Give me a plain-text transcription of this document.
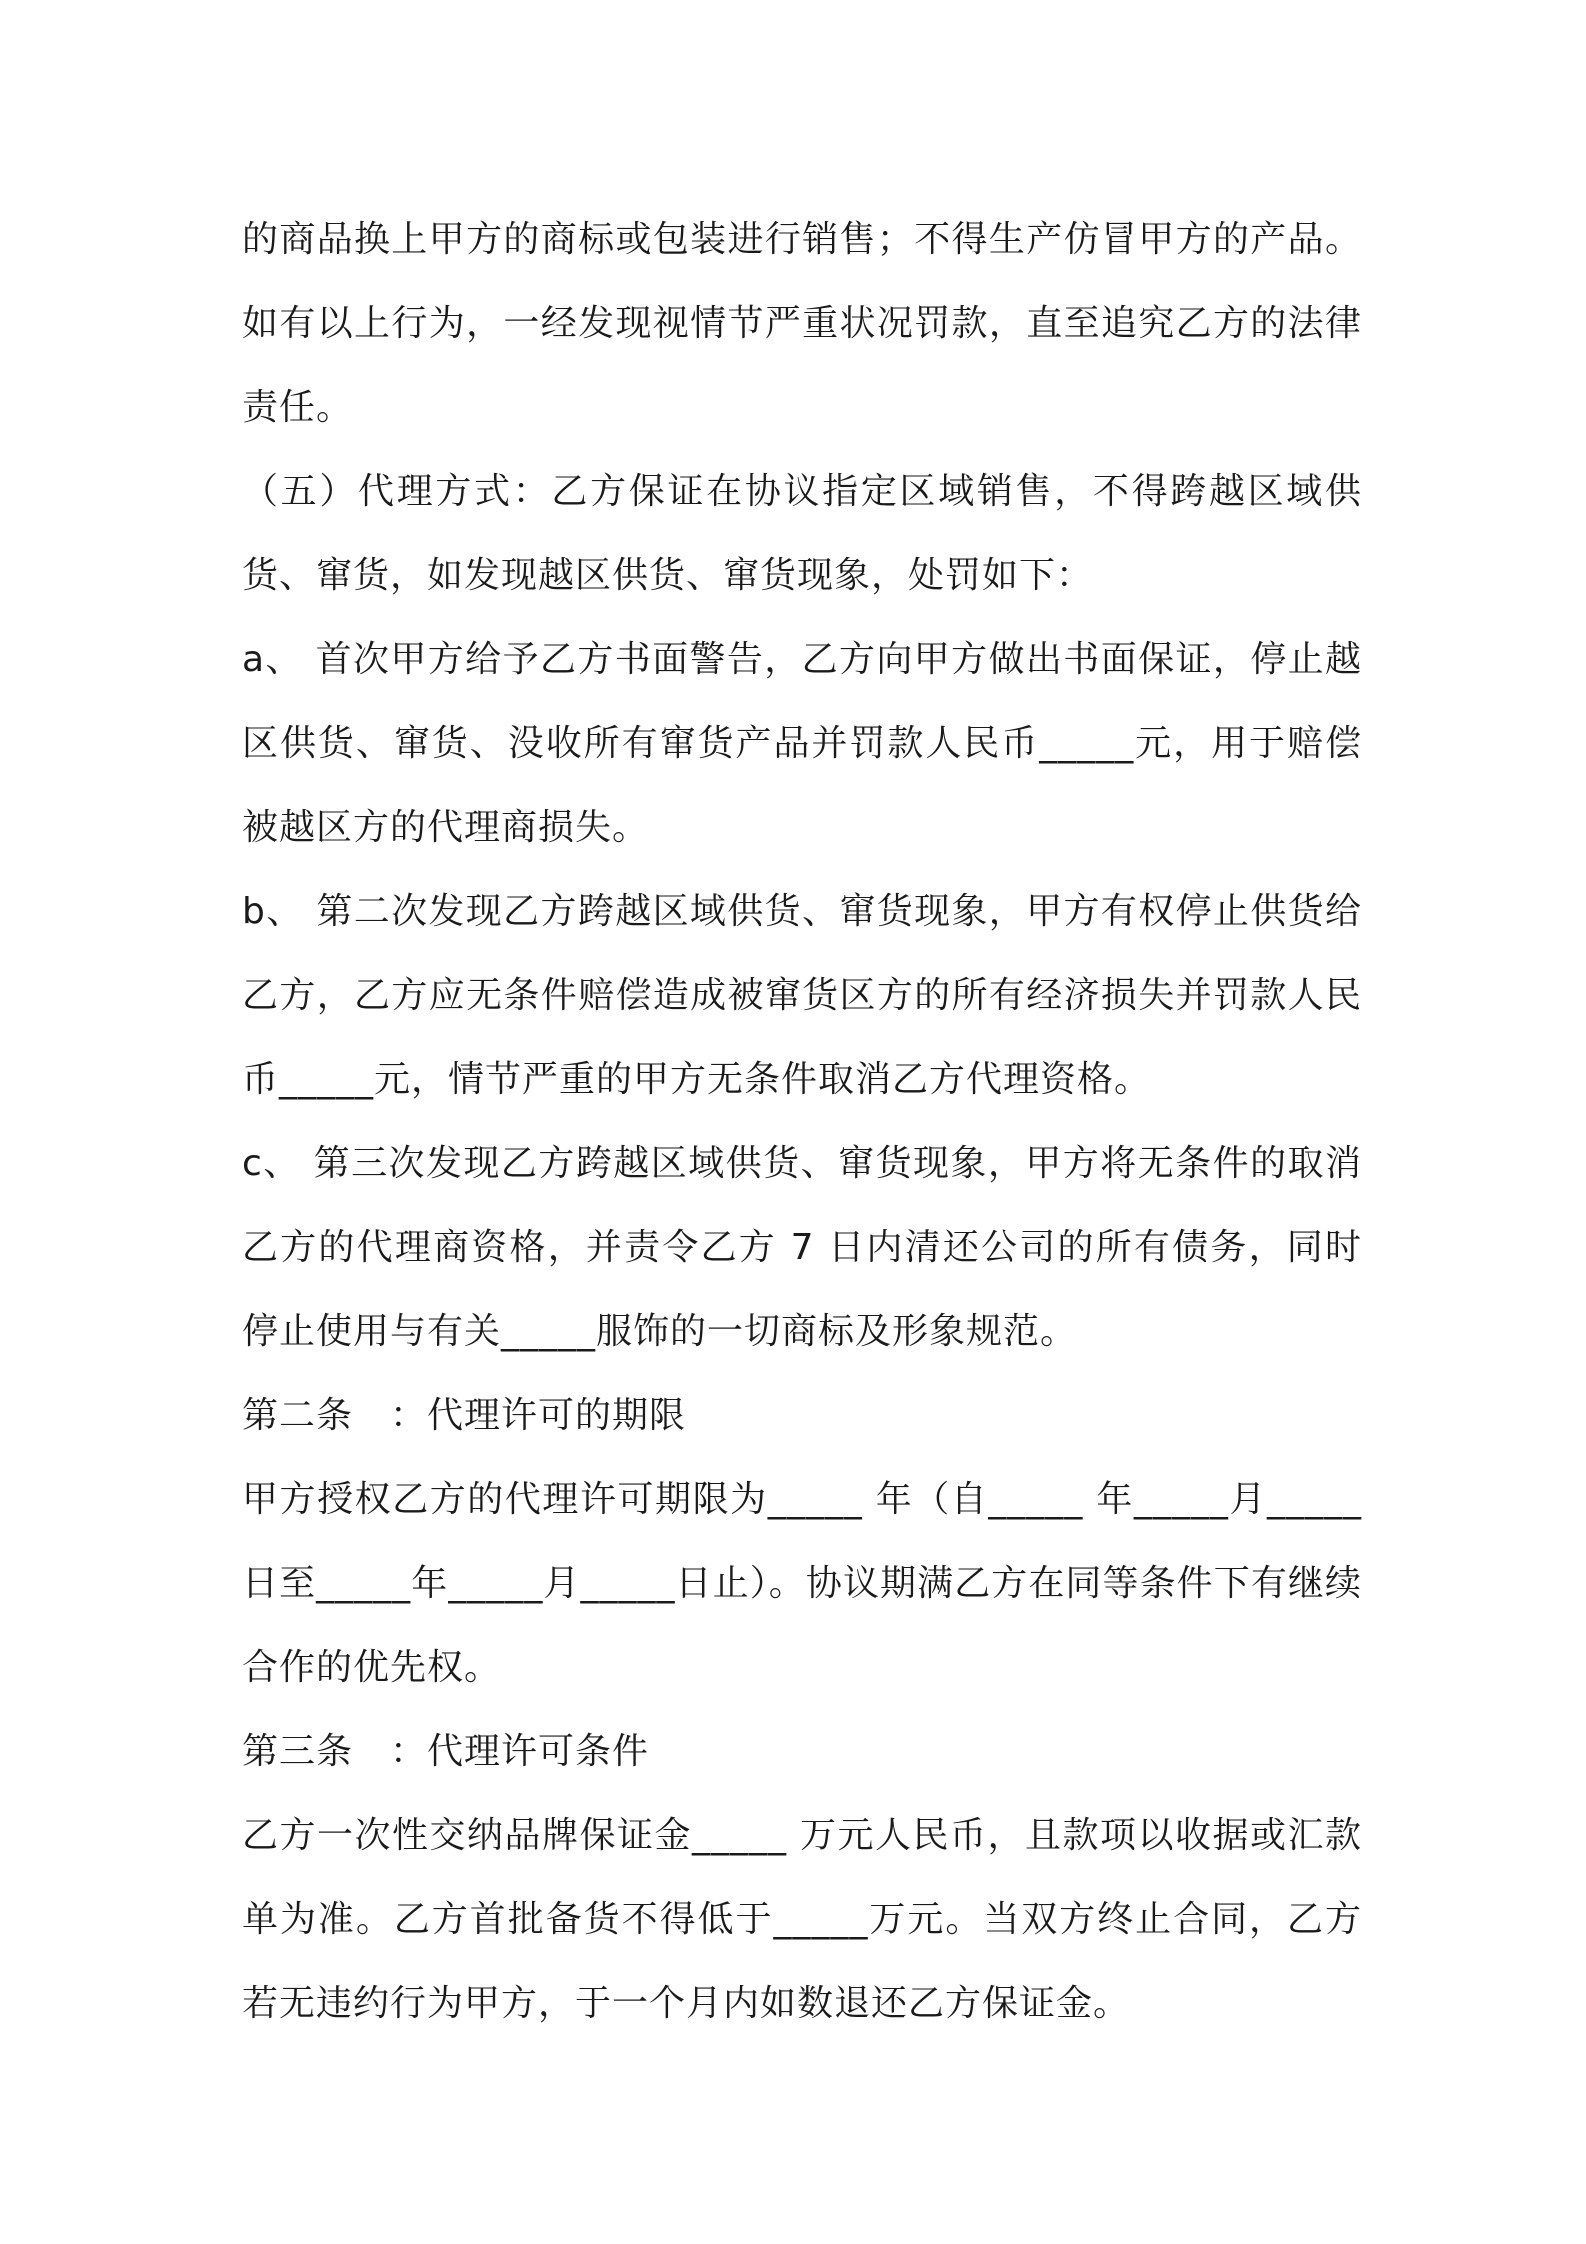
的商品换上甲方的商标或包装进行销售；不得生产仿冒甲方的产品。如有以上行为，一经发现视情节严重状况罚款，直至追究乙方的法律责任。

（五）代理方式：乙方保证在协议指定区域销售，不得跨越区域供货、窜货，如发现越区供货、窜货现象，处罚如下：

a、 首次甲方给予乙方书面警告，乙方向甲方做出书面保证，停止越区供货、窜货、没收所有窜货产品并罚款人民币_____元，用于赔偿被越区方的代理商损失。

b、 第二次发现乙方跨越区域供货、窜货现象，甲方有权停止供货给乙方，乙方应无条件赔偿造成被窜货区方的所有经济损失并罚款人民币_____元，情节严重的甲方无条件取消乙方代理资格。

c、 第三次发现乙方跨越区域供货、窜货现象，甲方将无条件的取消乙方的代理商资格，并责令乙方 7 日内清还公司的所有债务，同时停止使用与有关_____服饰的一切商标及形象规范。

第二条　：代理许可的期限

甲方授权乙方的代理许可期限为_____ 年（自_____ 年_____月_____ 日至_____年_____月_____日止）。协议期满乙方在同等条件下有继续合作的优先权。

第三条　：代理许可条件

乙方一次性交纳品牌保证金_____ 万元人民币，且款项以收据或汇款单为准。乙方首批备货不得低于_____万元。当双方终止合同，乙方若无违约行为甲方，于一个月内如数退还乙方保证金。
